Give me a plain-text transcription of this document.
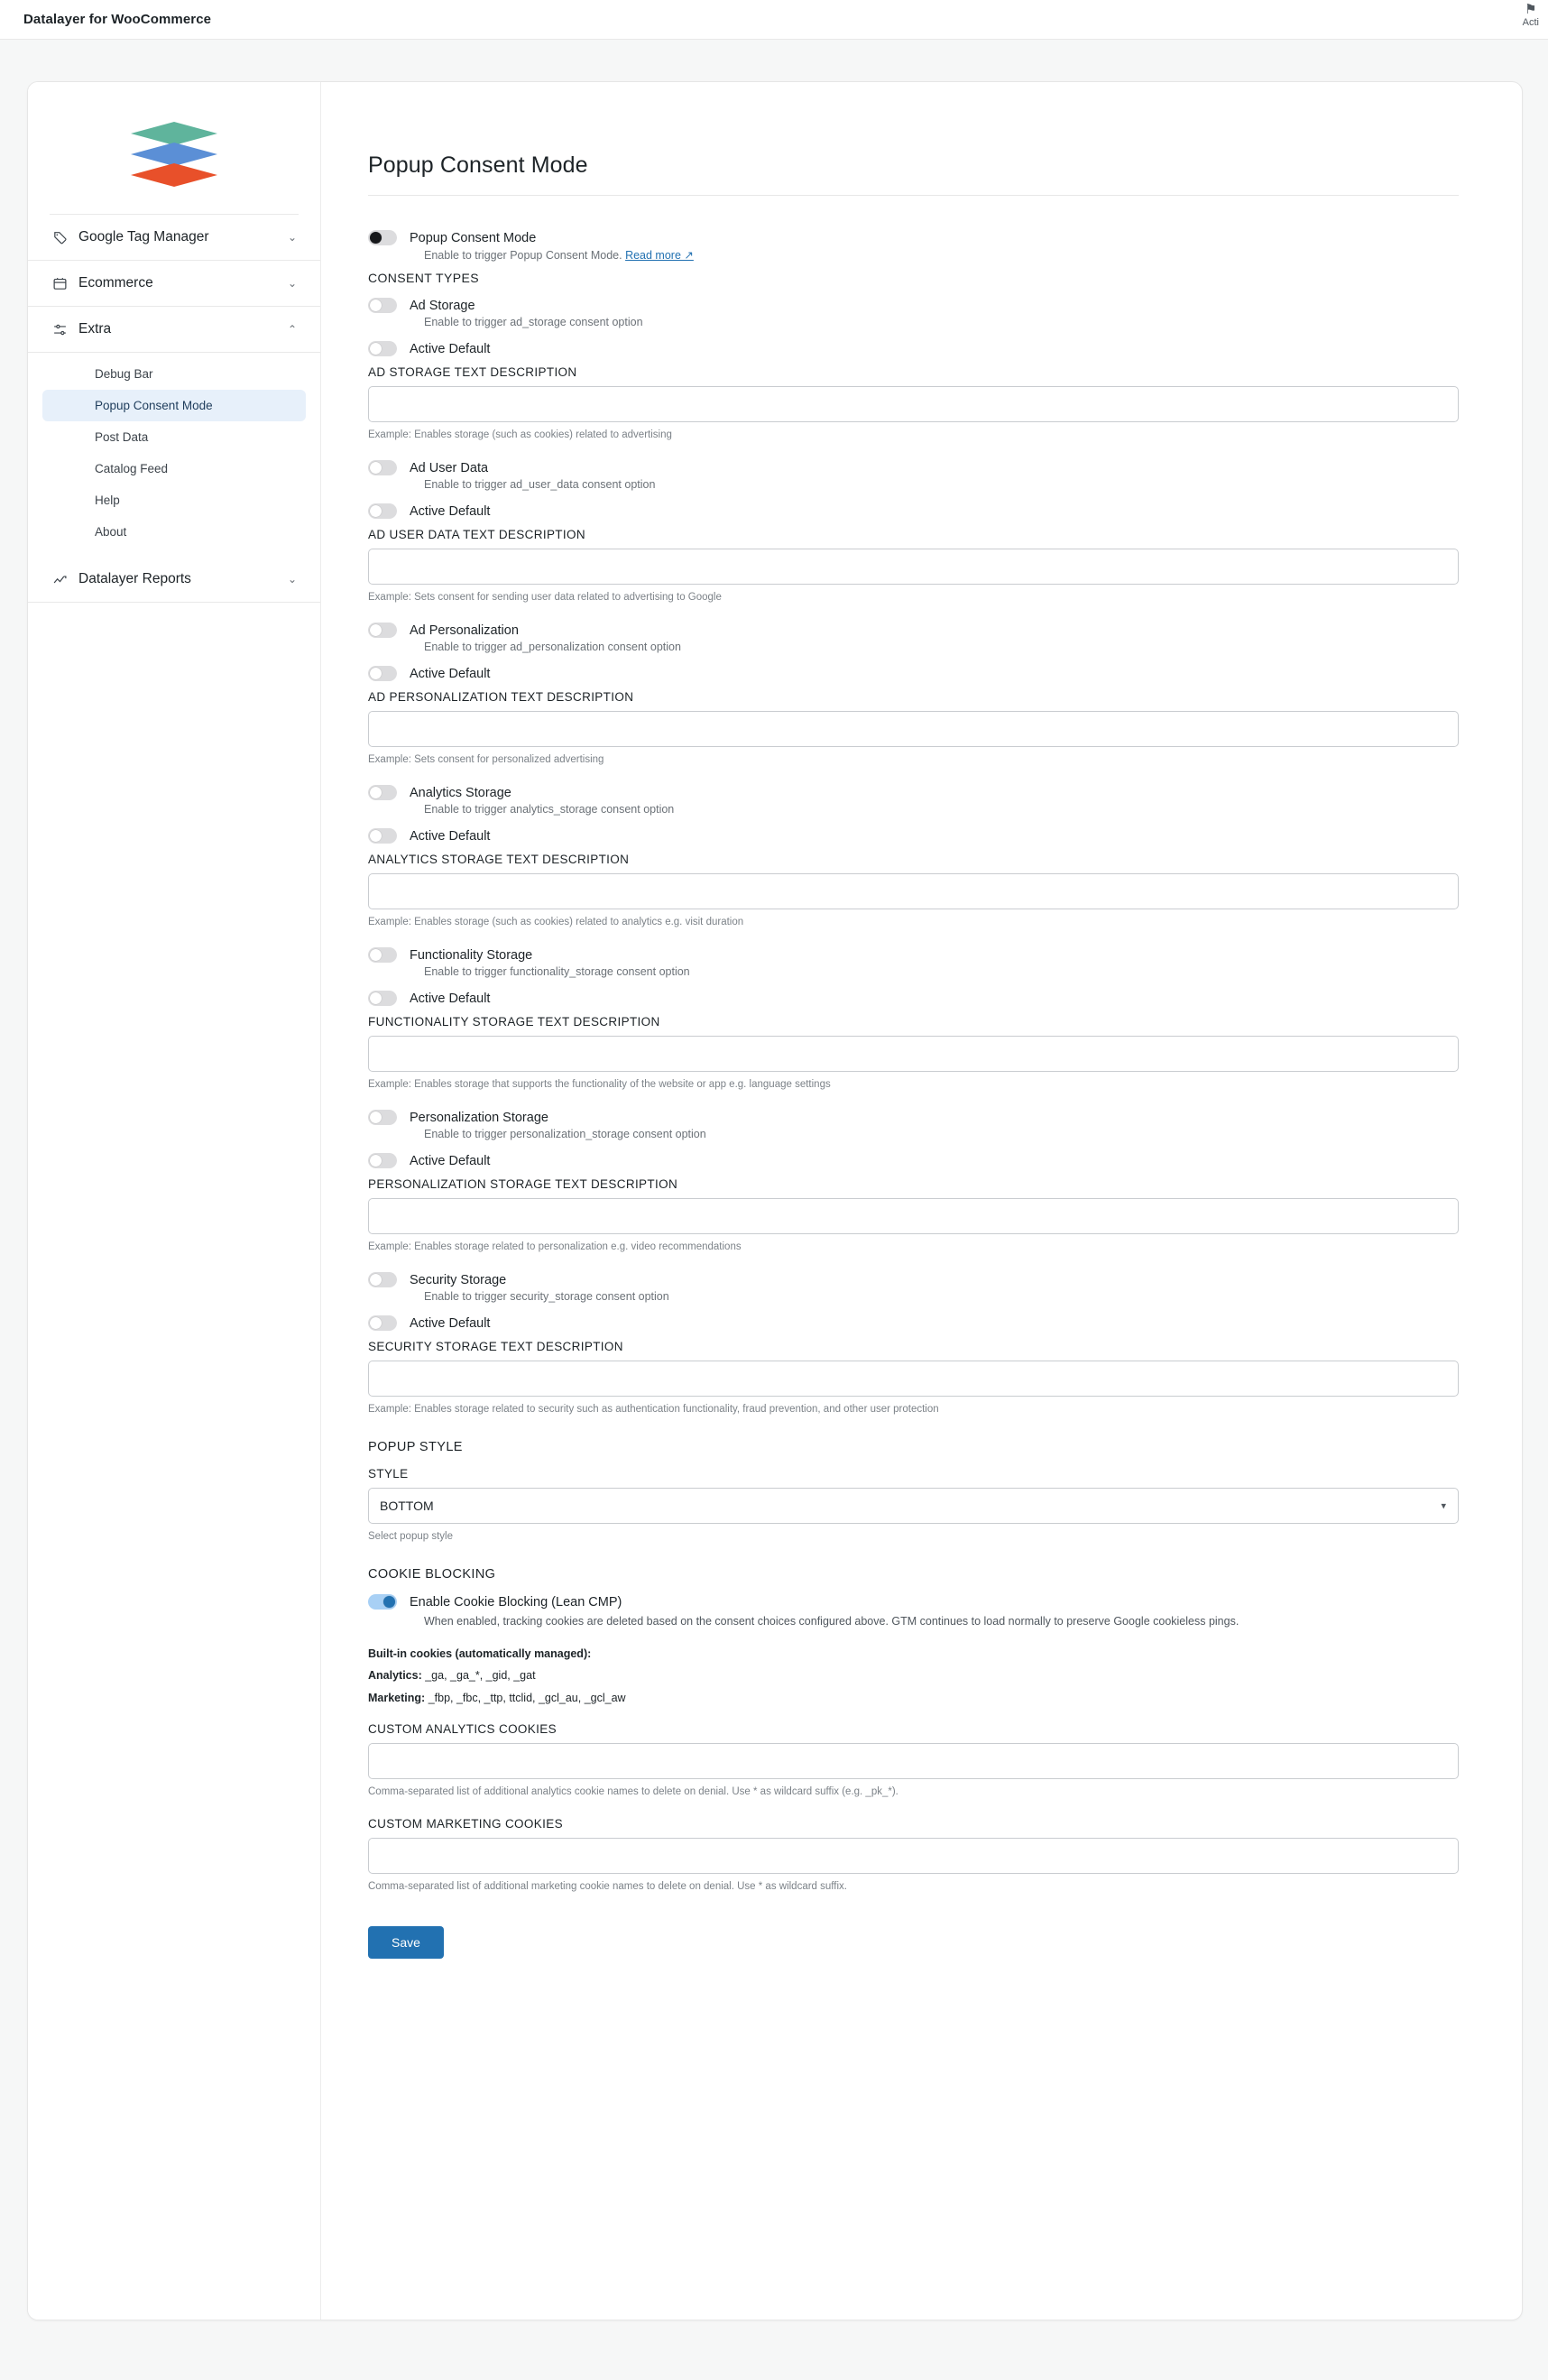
Datalayer for WooCommerce
⚑
Acti
Google Tag Manager	⌄
Ecommerce	⌄
Extra	⌃
Debug Bar
Popup Consent Mode
Post Data
Catalog Feed
Help
About
Datalayer Reports	⌄
Popup Consent Mode
Popup Consent Mode
Enable to trigger Popup Consent Mode. Read more ↗
CONSENT TYPES
Ad Storage
Enable to trigger ad_storage consent option
Active Default
AD STORAGE TEXT DESCRIPTION
Example: Enables storage (such as cookies) related to advertising
Ad User Data
Enable to trigger ad_user_data consent option
Active Default
AD USER DATA TEXT DESCRIPTION
Example: Sets consent for sending user data related to advertising to Google
Ad Personalization
Enable to trigger ad_personalization consent option
Active Default
AD PERSONALIZATION TEXT DESCRIPTION
Example: Sets consent for personalized advertising
Analytics Storage
Enable to trigger analytics_storage consent option
Active Default
ANALYTICS STORAGE TEXT DESCRIPTION
Example: Enables storage (such as cookies) related to analytics e.g. visit duration
Functionality Storage
Enable to trigger functionality_storage consent option
Active Default
FUNCTIONALITY STORAGE TEXT DESCRIPTION
Example: Enables storage that supports the functionality of the website or app e.g. language settings
Personalization Storage
Enable to trigger personalization_storage consent option
Active Default
PERSONALIZATION STORAGE TEXT DESCRIPTION
Example: Enables storage related to personalization e.g. video recommendations
Security Storage
Enable to trigger security_storage consent option
Active Default
SECURITY STORAGE TEXT DESCRIPTION
Example: Enables storage related to security such as authentication functionality, fraud prevention, and other user protection
POPUP STYLE
STYLE
BOTTOM
▾
Select popup style
COOKIE BLOCKING
Enable Cookie Blocking (Lean CMP)
When enabled, tracking cookies are deleted based on the consent choices configured above. GTM continues to load normally to preserve Google cookieless pings.
Built-in cookies (automatically managed):
Analytics: _ga, _ga_*, _gid, _gat
Marketing: _fbp, _fbc, _ttp, ttclid, _gcl_au, _gcl_aw
CUSTOM ANALYTICS COOKIES
Comma-separated list of additional analytics cookie names to delete on denial. Use * as wildcard suffix (e.g. _pk_*).
CUSTOM MARKETING COOKIES
Comma-separated list of additional marketing cookie names to delete on denial. Use * as wildcard suffix.
Save
